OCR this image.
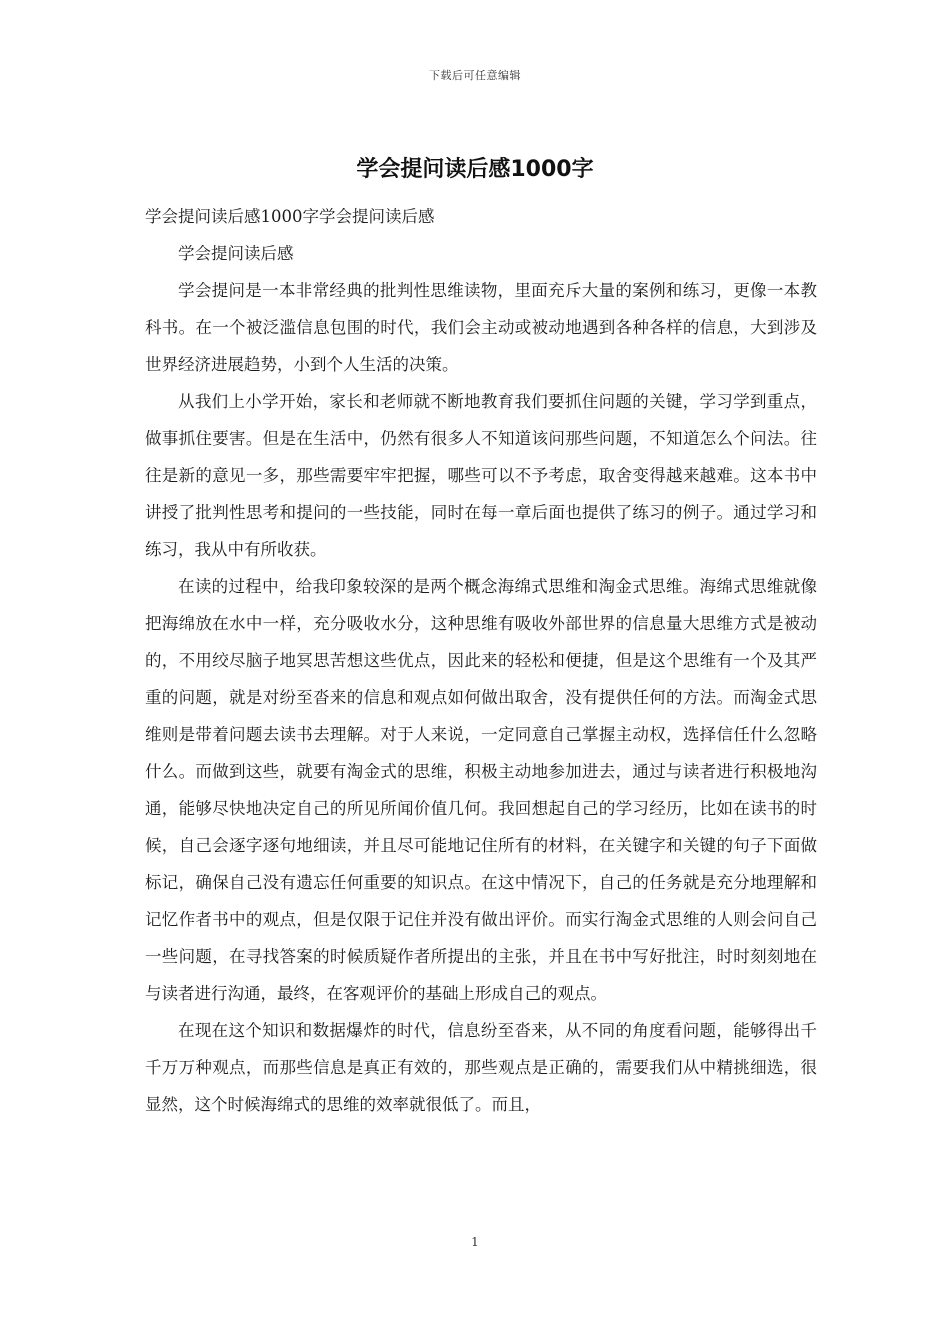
下载后可任意编辑
学会提问读后感1000字

学会提问读后感1000字学会提问读后感

学会提问读后感

学会提问是一本非常经典的批判性思维读物，里面充斥大量的案例和练习，更像一本教科书。在一个被泛滥信息包围的时代，我们会主动或被动地遇到各种各样的信息，大到涉及世界经济进展趋势，小到个人生活的决策。

从我们上小学开始，家长和老师就不断地教育我们要抓住问题的关键，学习学到重点，做事抓住要害。但是在生活中，仍然有很多人不知道该问那些问题，不知道怎么个问法。往往是新的意见一多，那些需要牢牢把握，哪些可以不予考虑，取舍变得越来越难。这本书中讲授了批判性思考和提问的一些技能，同时在每一章后面也提供了练习的例子。通过学习和练习，我从中有所收获。

在读的过程中，给我印象较深的是两个概念海绵式思维和淘金式思维。海绵式思维就像把海绵放在水中一样，充分吸收水分，这种思维有吸收外部世界的信息量大思维方式是被动的，不用绞尽脑子地冥思苦想这些优点，因此来的轻松和便捷，但是这个思维有一个及其严重的问题，就是对纷至沓来的信息和观点如何做出取舍，没有提供任何的方法。而淘金式思维则是带着问题去读书去理解。对于人来说，一定同意自己掌握主动权，选择信任什么忽略什么。而做到这些，就要有淘金式的思维，积极主动地参加进去，通过与读者进行积极地沟通，能够尽快地决定自己的所见所闻价值几何。我回想起自己的学习经历，比如在读书的时候，自己会逐字逐句地细读，并且尽可能地记住所有的材料，在关键字和关键的句子下面做标记，确保自己没有遗忘任何重要的知识点。在这中情况下，自己的任务就是充分地理解和记忆作者书中的观点，但是仅限于记住并没有做出评价。而实行淘金式思维的人则会问自己一些问题，在寻找答案的时候质疑作者所提出的主张，并且在书中写好批注，时时刻刻地在与读者进行沟通，最终，在客观评价的基础上形成自己的观点。

在现在这个知识和数据爆炸的时代，信息纷至沓来，从不同的角度看问题，能够得出千千万万种观点，而那些信息是真正有效的，那些观点是正确的，需要我们从中精挑细选，很显然，这个时候海绵式的思维的效率就很低了。而且，

1
